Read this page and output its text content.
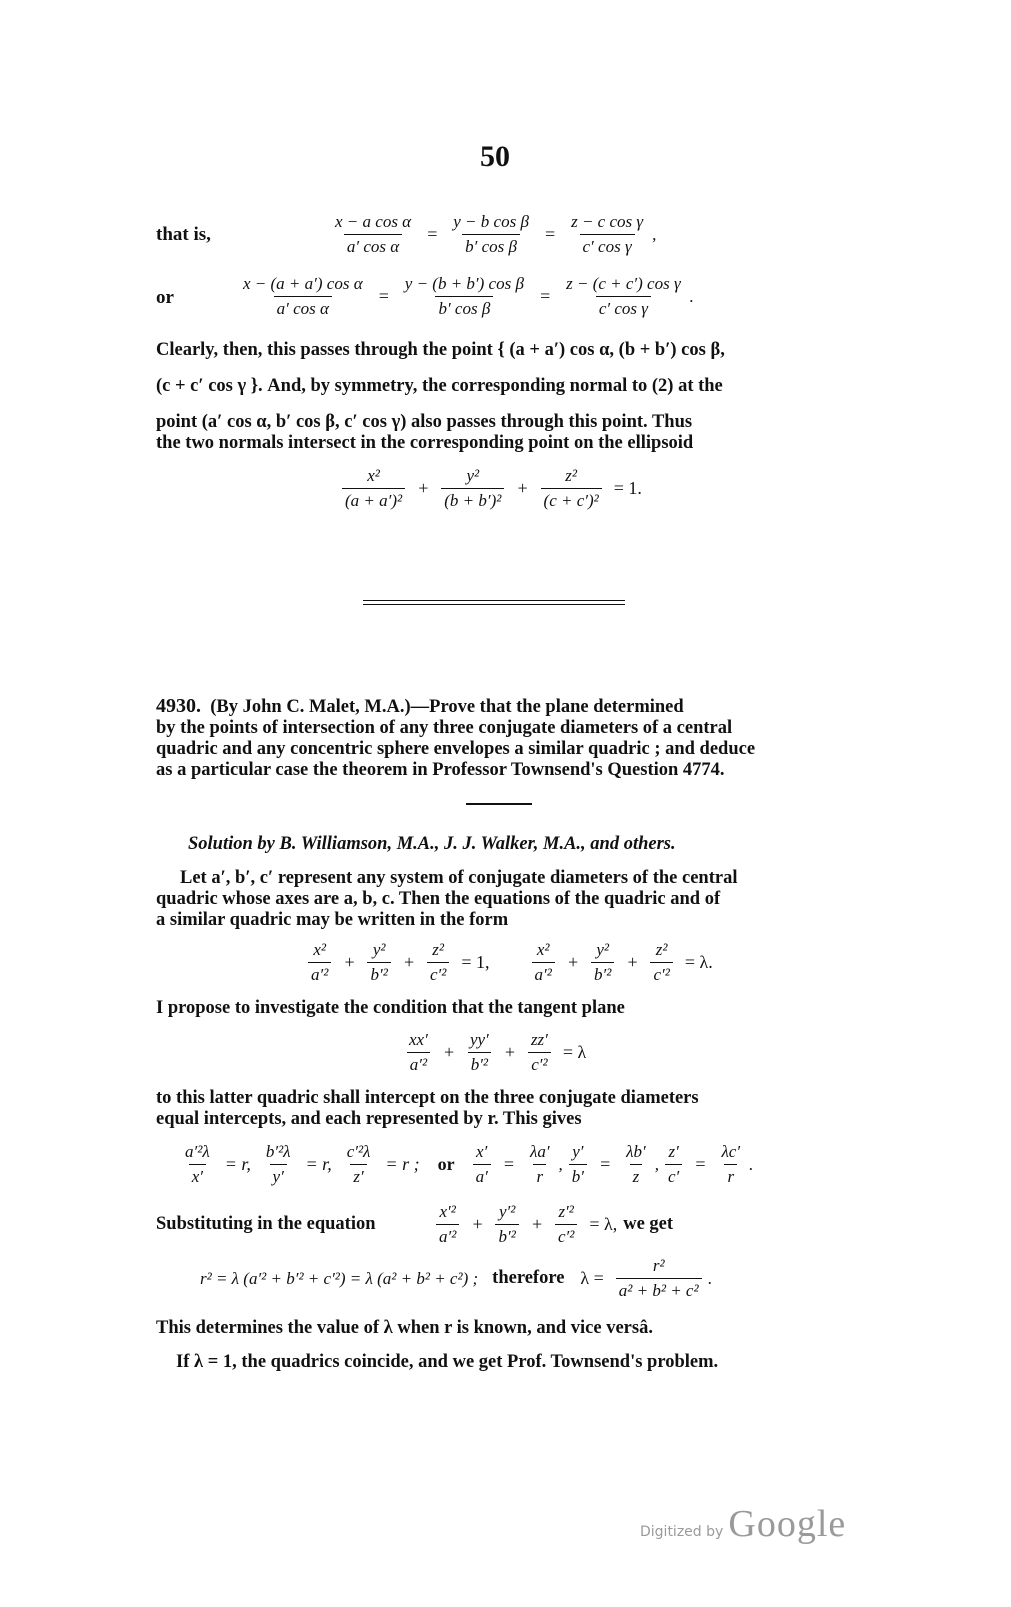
50
that is,	$\frac{\text{x − a cos α}}{\text{a′ cos α}} = \frac{\text{y − b cos β}}{\text{b′ cos β}} = \frac{\text{z − c cos γ}}{\text{c′ cos γ}}$ ,
or	$\frac{\text{x − (a + a′) cos α}}{\text{a′ cos α}} = \frac{\text{y − (b + b′) cos β}}{\text{b′ cos β}} = \frac{\text{z − (c + c′) cos γ}}{\text{c′ cos γ}}$ .
Clearly, then, this passes through the point { (a + a′) cos α, (b + b′) cos β,
(c + c′ cos γ }. And, by symmetry, the corresponding normal to (2) at the
point (a′ cos α, b′ cos β, c′ cos γ) also passes through this point. Thus
the two normals intersect in the corresponding point on the ellipsoid
$\frac{\text{x²}}{\text{(a + a′)²}} + \frac{\text{y²}}{\text{(b + b′)²}} + \frac{\text{z²}}{\text{(c + c′)²}} = 1$.
4930. (By John C. Malet, M.A.)—Prove that the plane determined
by the points of intersection of any three conjugate diameters of a central
quadric and any concentric sphere envelopes a similar quadric ; and deduce
as a particular case the theorem in Professor Townsend's Question 4774.
Solution by B. Williamson, M.A., J. J. Walker, M.A., and others.
Let a′, b′, c′ represent any system of conjugate diameters of the central
quadric whose axes are a, b, c. Then the equations of the quadric and of
a similar quadric may be written in the form
$\frac{\text{x²}}{\text{a′²}} + \frac{\text{y²}}{\text{b′²}} + \frac{\text{z²}}{\text{c′²}} = 1$, $\frac{\text{x²}}{\text{a′²}} + \frac{\text{y²}}{\text{b′²}} + \frac{\text{z²}}{\text{c′²}} = \lambda$.
I propose to investigate the condition that the tangent plane
$\frac{xx'}{\text{a′²}} + \frac{yy'}{\text{b′²}} + \frac{zz'}{\text{c′²}} = \lambda$
to this latter quadric shall intercept on the three conjugate diameters
equal intercepts, and each represented by r. This gives
$\frac{\text{a′²λ}}{x'} = r$, $\frac{\text{b′²λ}}{y'} = r$, $\frac{\text{c′²λ}}{z'} = r$ ; or $\frac{x'}{a'} = \frac{\lambda a'}{r}$ , $\frac{y'}{b'} = \frac{\lambda b'}{z}$ , $\frac{z'}{c'} = \frac{\lambda c'}{r}$ .
Substituting in the equation	$\frac{\text{x′²}}{\text{a′²}} + \frac{\text{y′²}}{\text{b′²}} + \frac{\text{z′²}}{\text{c′²}} = \lambda$, we get
r² = λ (a′² + b′² + c′²) = λ (a² + b² + c²) ; therefore $\lambda = \frac{\text{r²}}{\text{a² + b² + c²}}$ .
This determines the value of λ when r is known, and vice versâ.
If λ = 1, the quadrics coincide, and we get Prof. Townsend's problem.
Digitized by Google
